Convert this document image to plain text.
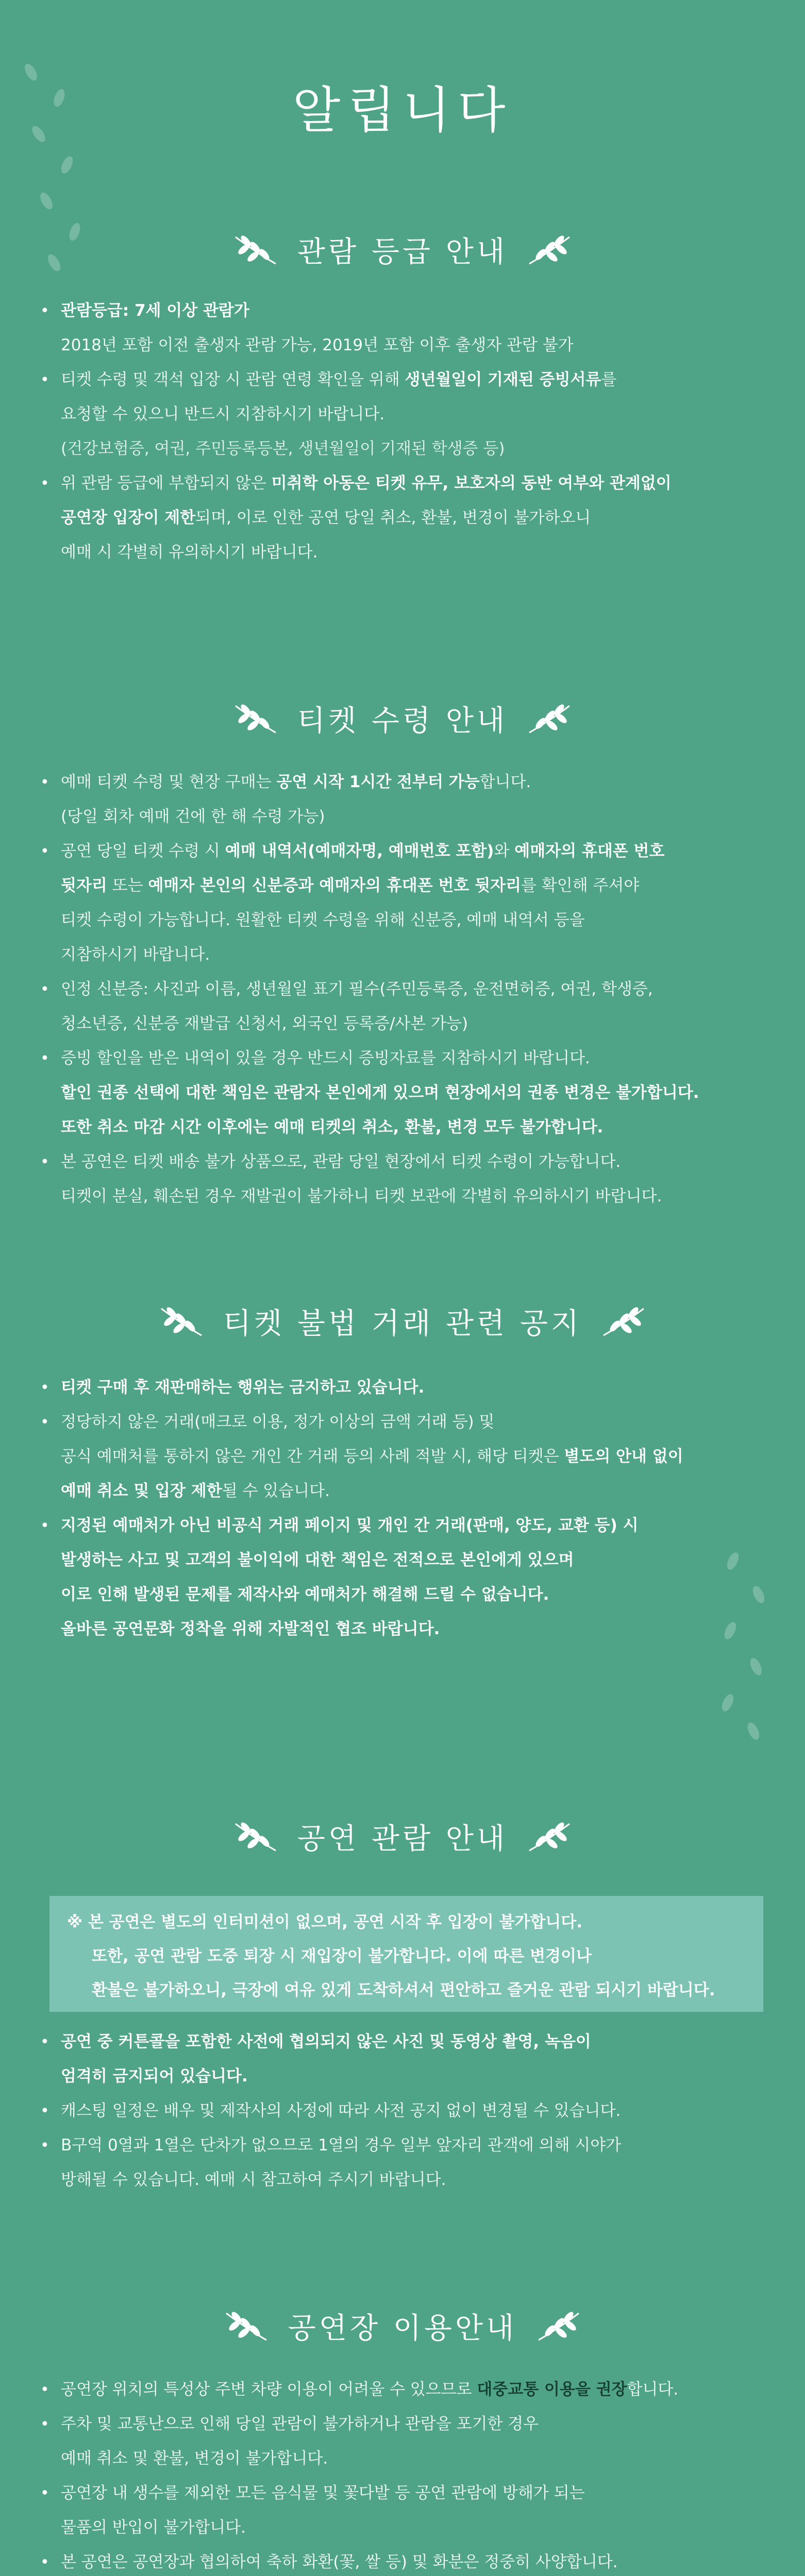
알립니다
관람 등급 안내
• 관람등급: 7세 이상 관람가
2018년 포함 이전 출생자 관람 가능, 2019년 포함 이후 출생자 관람 불가
• 티켓 수령 및 객석 입장 시 관람 연령 확인을 위해 생년월일이 기재된 증빙서류를
요청할 수 있으니 반드시 지참하시기 바랍니다.
(건강보험증, 여권, 주민등록등본, 생년월일이 기재된 학생증 등)
• 위 관람 등급에 부합되지 않은 미취학 아동은 티켓 유무, 보호자의 동반 여부와 관계없이
공연장 입장이 제한되며, 이로 인한 공연 당일 취소, 환불, 변경이 불가하오니
예매 시 각별히 유의하시기 바랍니다.
티켓 수령 안내
• 예매 티켓 수령 및 현장 구매는 공연 시작 1시간 전부터 가능합니다.
(당일 회차 예매 건에 한 해 수령 가능)
• 공연 당일 티켓 수령 시 예매 내역서(예매자명, 예매번호 포함)와 예매자의 휴대폰 번호
뒷자리 또는 예매자 본인의 신분증과 예매자의 휴대폰 번호 뒷자리를 확인해 주셔야
티켓 수령이 가능합니다. 원활한 티켓 수령을 위해 신분증, 예매 내역서 등을
지참하시기 바랍니다.
• 인정 신분증: 사진과 이름, 생년월일 표기 필수(주민등록증, 운전면허증, 여권, 학생증,
청소년증, 신분증 재발급 신청서, 외국인 등록증/사본 가능)
• 증빙 할인을 받은 내역이 있을 경우 반드시 증빙자료를 지참하시기 바랍니다.
할인 권종 선택에 대한 책임은 관람자 본인에게 있으며 현장에서의 권종 변경은 불가합니다.
또한 취소 마감 시간 이후에는 예매 티켓의 취소, 환불, 변경 모두 불가합니다.
• 본 공연은 티켓 배송 불가 상품으로, 관람 당일 현장에서 티켓 수령이 가능합니다.
티켓이 분실, 훼손된 경우 재발권이 불가하니 티켓 보관에 각별히 유의하시기 바랍니다.
티켓 불법 거래 관련 공지
• 티켓 구매 후 재판매하는 행위는 금지하고 있습니다.
• 정당하지 않은 거래(매크로 이용, 정가 이상의 금액 거래 등) 및
공식 예매처를 통하지 않은 개인 간 거래 등의 사례 적발 시, 해당 티켓은 별도의 안내 없이
예매 취소 및 입장 제한될 수 있습니다.
• 지정된 예매처가 아닌 비공식 거래 페이지 및 개인 간 거래(판매, 양도, 교환 등) 시
발생하는 사고 및 고객의 불이익에 대한 책임은 전적으로 본인에게 있으며
이로 인해 발생된 문제를 제작사와 예매처가 해결해 드릴 수 없습니다.
올바른 공연문화 정착을 위해 자발적인 협조 바랍니다.
공연 관람 안내
※ 본 공연은 별도의 인터미션이 없으며, 공연 시작 후 입장이 불가합니다.
또한, 공연 관람 도중 퇴장 시 재입장이 불가합니다. 이에 따른 변경이나
환불은 불가하오니, 극장에 여유 있게 도착하셔서 편안하고 즐거운 관람 되시기 바랍니다.
• 공연 중 커튼콜을 포함한 사전에 협의되지 않은 사진 및 동영상 촬영, 녹음이
엄격히 금지되어 있습니다.
• 캐스팅 일정은 배우 및 제작사의 사정에 따라 사전 공지 없이 변경될 수 있습니다.
• B구역 0열과 1열은 단차가 없으므로 1열의 경우 일부 앞자리 관객에 의해 시야가
방해될 수 있습니다. 예매 시 참고하여 주시기 바랍니다.
공연장 이용안내
• 공연장 위치의 특성상 주변 차량 이용이 어려울 수 있으므로 대중교통 이용을 권장합니다.
• 주차 및 교통난으로 인해 당일 관람이 불가하거나 관람을 포기한 경우
예매 취소 및 환불, 변경이 불가합니다.
• 공연장 내 생수를 제외한 모든 음식물 및 꽃다발 등 공연 관람에 방해가 되는
물품의 반입이 불가합니다.
• 본 공연은 공연장과 협의하여 축하 화환(꽃, 쌀 등) 및 화분은 정중히 사양합니다.
